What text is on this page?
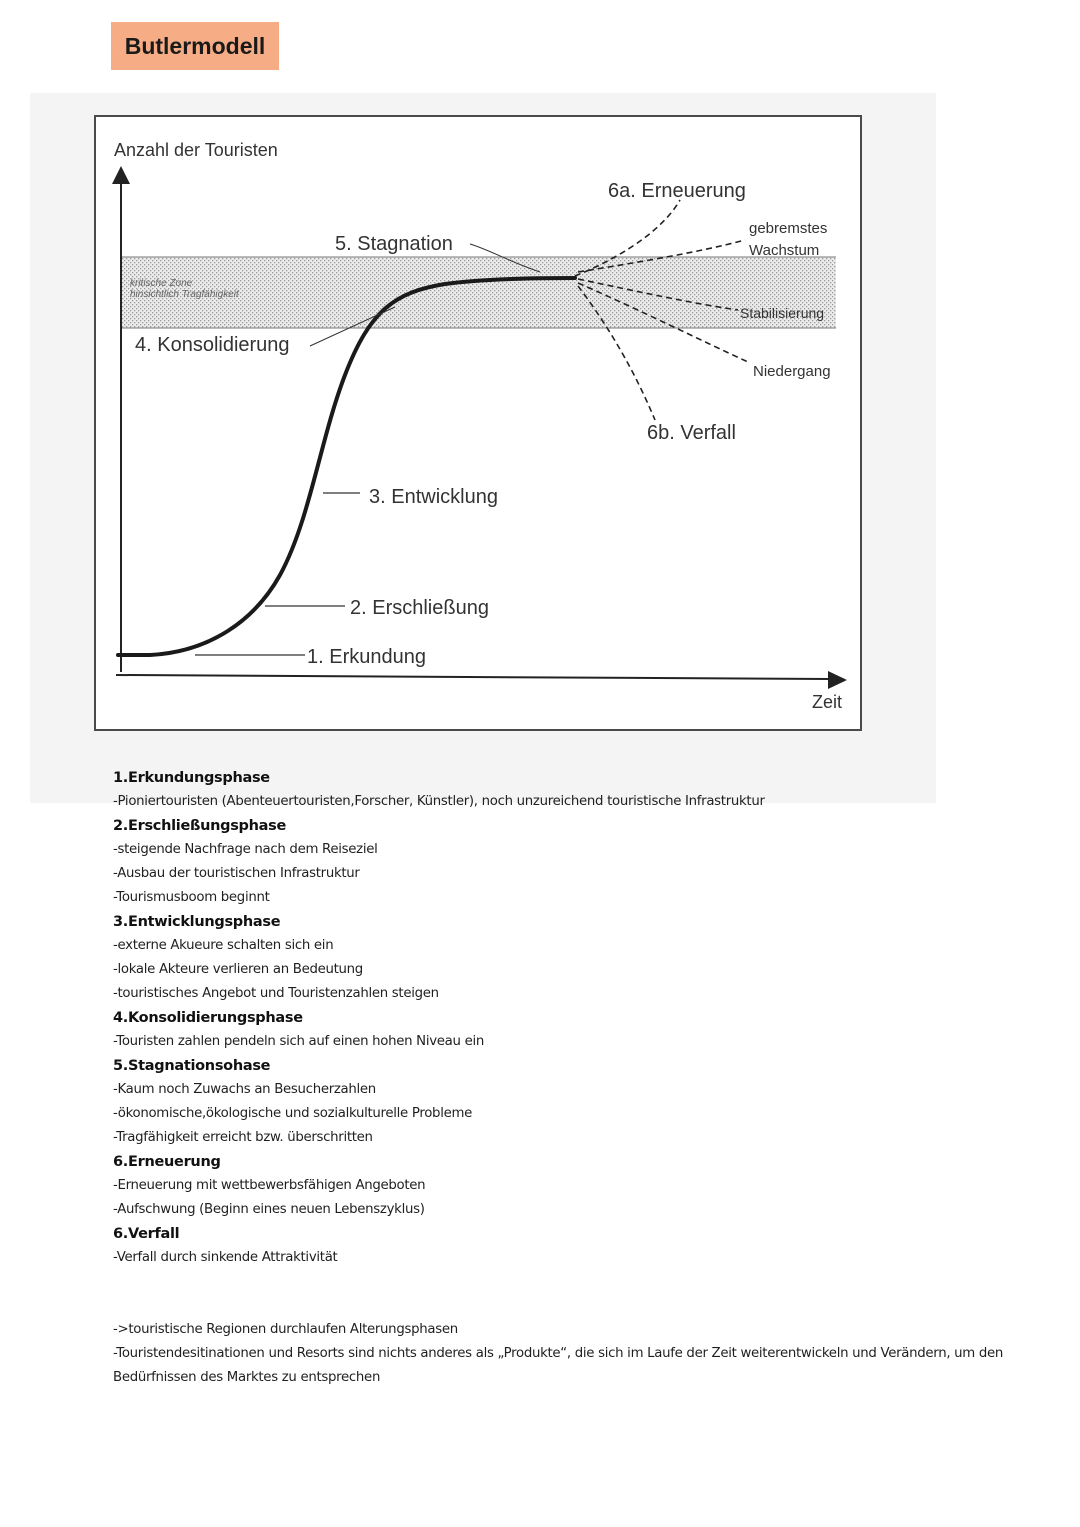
Butlermodell
Anzahl der Touristen
Zeit
kritische Zone
hinsichtlich Tragfähigkeit
1. Erkundung
2. Erschließung
3. Entwicklung
4. Konsolidierung
5. Stagnation
6a. Erneuerung
6b. Verfall
gebremstes
Wachstum
Stabilisierung
Niedergang
1.Erkundungsphase
-Pioniertouristen (Abenteuertouristen,Forscher, Künstler), noch unzureichend touristische Infrastruktur
2.Erschließungsphase
-steigende Nachfrage nach dem Reiseziel
-Ausbau der touristischen Infrastruktur
-Tourismusboom beginnt
3.Entwicklungsphase
-externe Akueure schalten sich ein
-lokale Akteure verlieren an Bedeutung
-touristisches Angebot und Touristenzahlen steigen
4.Konsolidierungsphase
-Touristen zahlen pendeln sich auf einen hohen Niveau ein
5.Stagnationsohase
-Kaum noch Zuwachs an Besucherzahlen
-ökonomische,ökologische und sozialkulturelle Probleme
-Tragfähigkeit erreicht bzw. überschritten
6.Erneuerung
-Erneuerung mit wettbewerbsfähigen Angeboten
-Aufschwung (Beginn eines neuen Lebenszyklus)
6.Verfall
-Verfall durch sinkende Attraktivität
->touristische Regionen durchlaufen Alterungsphasen
-Touristendesitinationen und Resorts sind nichts anderes als „Produkte“, die sich im Laufe der Zeit weiterentwickeln und Verändern, um den Bedürfnissen des Marktes zu entsprechen
